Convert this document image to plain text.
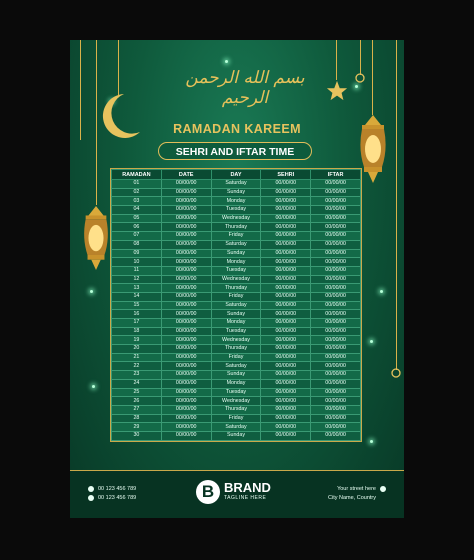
بسم الله الرحمن الرحيم
RAMADAN KAREEM
SEHRI AND IFTAR TIME
RAMADAN	DATE	DAY	SEHRI	IFTAR
01	00/00/00	Saturday	00/00/00	00/00/00
02	00/00/00	Sunday	00/00/00	00/00/00
03	00/00/00	Monday	00/00/00	00/00/00
04	00/00/00	Tuesday	00/00/00	00/00/00
05	00/00/00	Wednesday	00/00/00	00/00/00
06	00/00/00	Thursday	00/00/00	00/00/00
07	00/00/00	Friday	00/00/00	00/00/00
08	00/00/00	Saturday	00/00/00	00/00/00
09	00/00/00	Sunday	00/00/00	00/00/00
10	00/00/00	Monday	00/00/00	00/00/00
11	00/00/00	Tuesday	00/00/00	00/00/00
12	00/00/00	Wednesday	00/00/00	00/00/00
13	00/00/00	Thursday	00/00/00	00/00/00
14	00/00/00	Friday	00/00/00	00/00/00
15	00/00/00	Saturday	00/00/00	00/00/00
16	00/00/00	Sunday	00/00/00	00/00/00
17	00/00/00	Monday	00/00/00	00/00/00
18	00/00/00	Tuesday	00/00/00	00/00/00
19	00/00/00	Wednesday	00/00/00	00/00/00
20	00/00/00	Thursday	00/00/00	00/00/00
21	00/00/00	Friday	00/00/00	00/00/00
22	00/00/00	Saturday	00/00/00	00/00/00
23	00/00/00	Sunday	00/00/00	00/00/00
24	00/00/00	Monday	00/00/00	00/00/00
25	00/00/00	Tuesday	00/00/00	00/00/00
26	00/00/00	Wednesday	00/00/00	00/00/00
27	00/00/00	Thursday	00/00/00	00/00/00
28	00/00/00	Friday	00/00/00	00/00/00
29	00/00/00	Saturday	00/00/00	00/00/00
30	00/00/00	Sunday	00/00/00	00/00/00
00 123 456 789
00 123 456 789	B BRAND
TAGLINE HERE
Your street here
City Name, Country
